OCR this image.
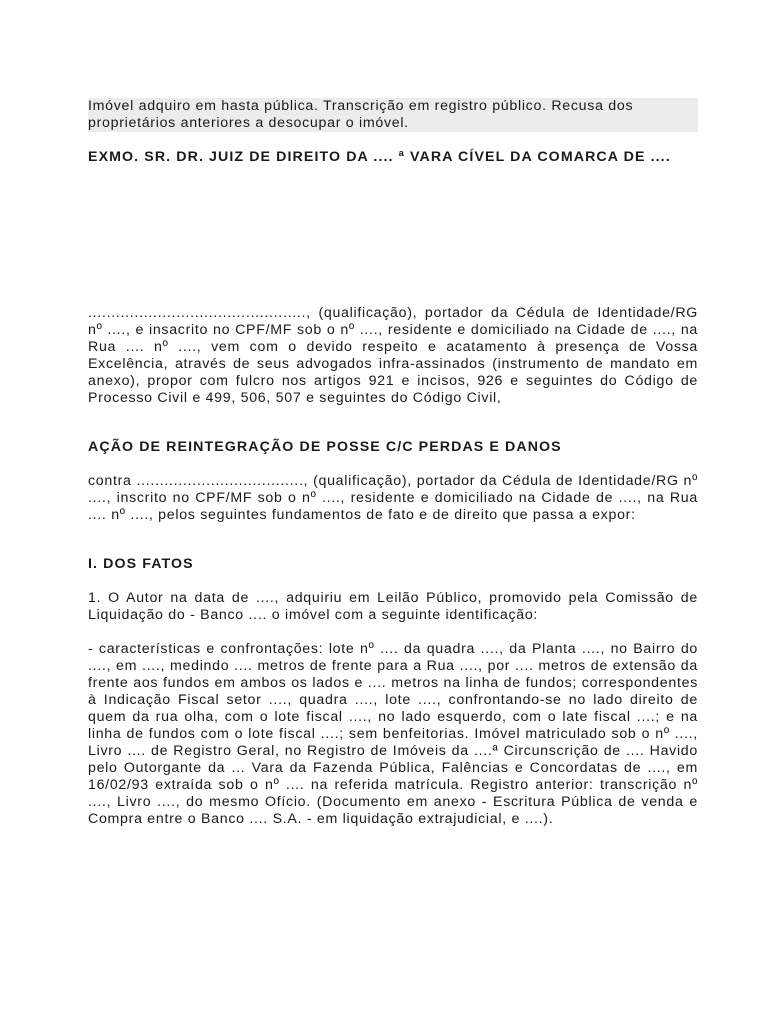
Imóvel adquiro em hasta pública. Transcrição em registro público. Recusa dos proprietários anteriores a desocupar o imóvel.

EXMO. SR. DR. JUIZ DE DIREITO DA .... ª VARA CÍVEL DA COMARCA DE ....

..............................................., (qualificação), portador da Cédula de Identidade/RG nº ...., e insacrito no CPF/MF sob o nº ...., residente e domiciliado na Cidade de ...., na Rua .... nº ...., vem com o devido respeito e acatamento à presença de Vossa Excelência, através de seus advogados infra-assinados (instrumento de mandato em anexo), propor com fulcro nos artigos 921 e incisos, 926 e seguintes do Código de Processo Civil e 499, 506, 507 e seguintes do Código Civil,

AÇÃO DE REINTEGRAÇÃO DE POSSE C/C PERDAS E DANOS

contra ...................................., (qualificação), portador da Cédula de Identidade/RG nº ...., inscrito no CPF/MF sob o nº ...., residente e domiciliado na Cidade de ...., na Rua .... nº ...., pelos seguintes fundamentos de fato e de direito que passa a expor:

I. DOS FATOS

1. O Autor na data de ...., adquiriu em Leilão Público, promovido pela Comissão de Liquidação do - Banco .... o imóvel com a seguinte identificação:

- características e confrontações: lote nº .... da quadra ...., da Planta ...., no Bairro do ...., em ...., medindo .... metros de frente para a Rua ...., por .... metros de extensão da frente aos fundos em ambos os lados e .... metros na linha de fundos; correspondentes à Indicação Fiscal setor ...., quadra ...., lote ...., confrontando-se no lado direito de quem da rua olha, com o lote fiscal ...., no lado esquerdo, com o late fiscal ....; e na linha de fundos com o lote fiscal ....; sem benfeitorias. Imóvel matriculado sob o nº ...., Livro .... de Registro Geral, no Registro de Imóveis da ....ª Circunscrição de .... Havido pelo Outorgante da ... Vara da Fazenda Pública, Falências e Concordatas de ...., em 16/02/93 extraída sob o nº .... na referida matrícula. Registro anterior: transcrição nº ...., Livro ...., do mesmo Ofício. (Documento em anexo - Escritura Pública de venda e Compra entre o Banco .... S.A. - em liquidação extrajudicial, e ....).
